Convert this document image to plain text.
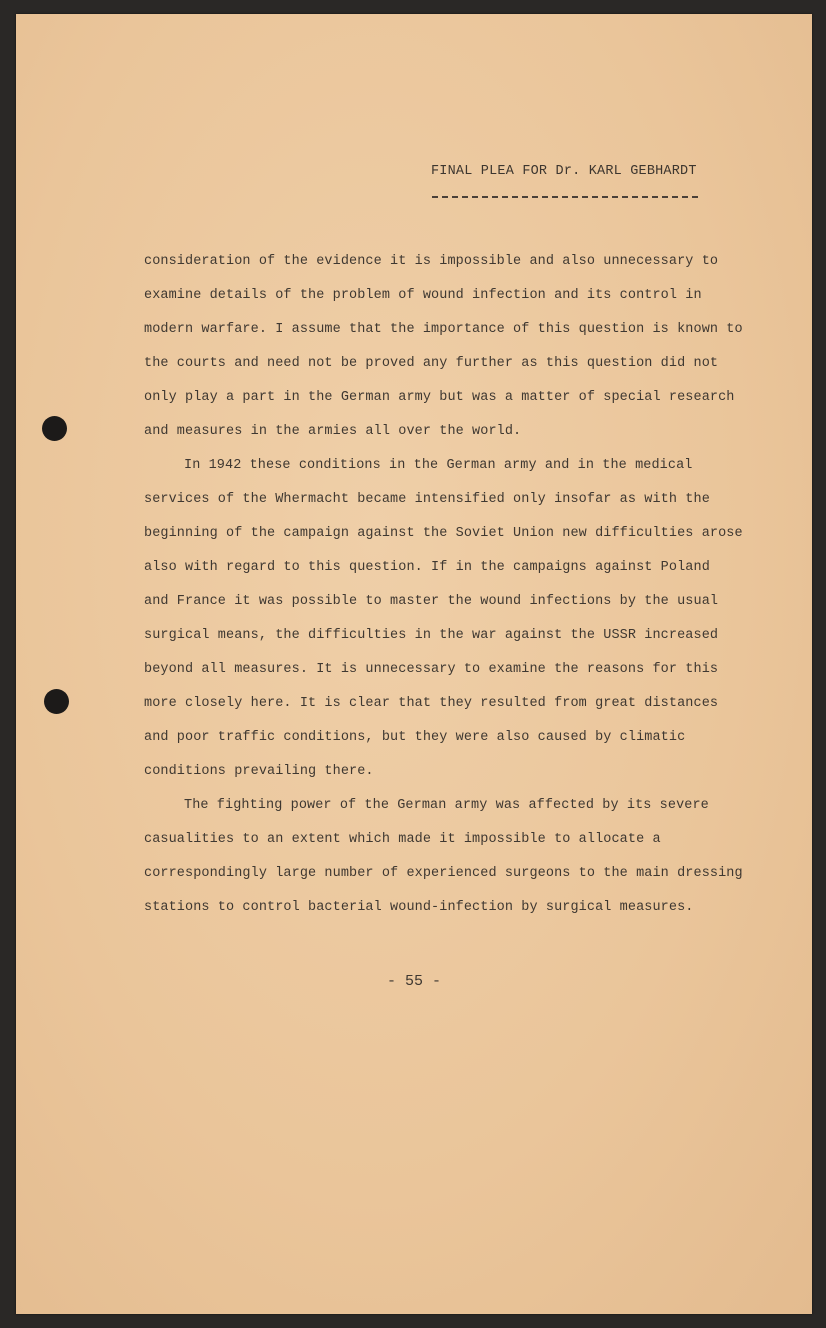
FINAL PLEA FOR Dr. KARL GEBHARDT
consideration of the evidence it is impossible and also unnecessary to
examine details of the problem of wound infection and its control in
modern warfare. I assume that the importance of this question is known to
the courts and need not be proved any further as this question did not
only play a part in the German army but was a matter of special research
and measures in the armies all over the world.
In 1942 these conditions in the German army and in the medical
services of the Whermacht became intensified only insofar as with the
beginning of the campaign against the Soviet Union new difficulties arose
also with regard to this question. If in the campaigns against Poland
and France it was possible to master the wound infections by the usual
surgical means, the difficulties in the war against the USSR increased
beyond all measures. It is unnecessary to examine the reasons for this
more closely here. It is clear that they resulted from great distances
and poor traffic conditions, but they were also caused by climatic
conditions prevailing there.
The fighting power of the German army was affected by its severe
casualities to an extent which made it impossible to allocate a
correspondingly large number of experienced surgeons to the main dressing
stations to control bacterial wound-infection by surgical measures.
- 55 -
